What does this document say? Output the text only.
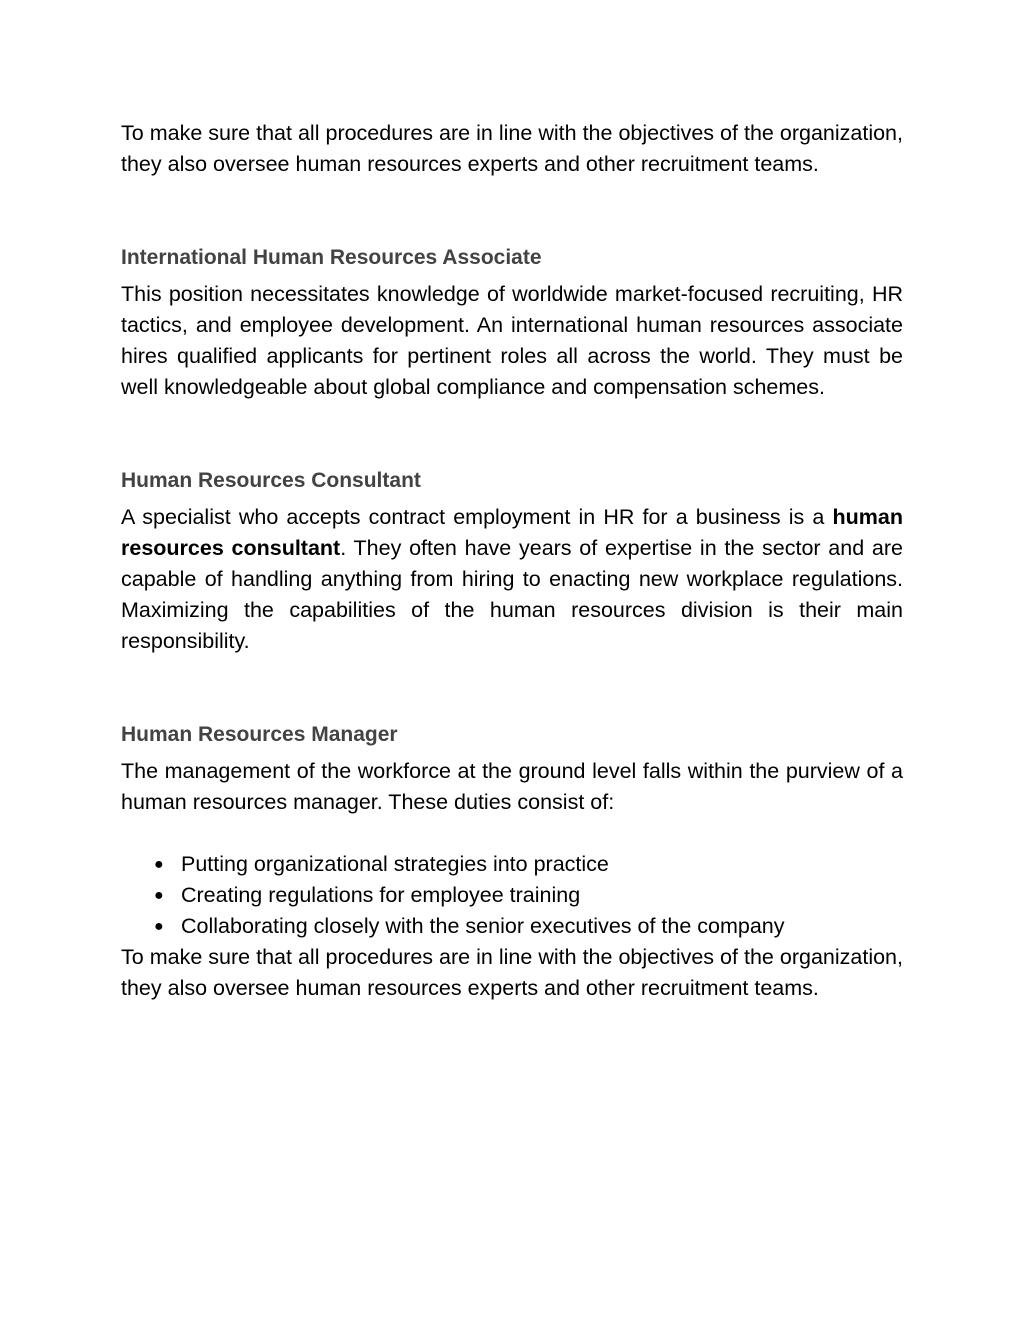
To make sure that all procedures are in line with the objectives of the organization, they also oversee human resources experts and other recruitment teams.

International Human Resources Associate

This position necessitates knowledge of worldwide market-focused recruiting, HR tactics, and employee development. An international human resources associate hires qualified applicants for pertinent roles all across the world. They must be well knowledgeable about global compliance and compensation schemes.

Human Resources Consultant

A specialist who accepts contract employment in HR for a business is a human resources consultant. They often have years of expertise in the sector and are capable of handling anything from hiring to enacting new workplace regulations. Maximizing the capabilities of the human resources division is their main responsibility.

Human Resources Manager

The management of the workforce at the ground level falls within the purview of a human resources manager. These duties consist of:

● Putting organizational strategies into practice
● Creating regulations for employee training
● Collaborating closely with the senior executives of the company

To make sure that all procedures are in line with the objectives of the organization, they also oversee human resources experts and other recruitment teams.
